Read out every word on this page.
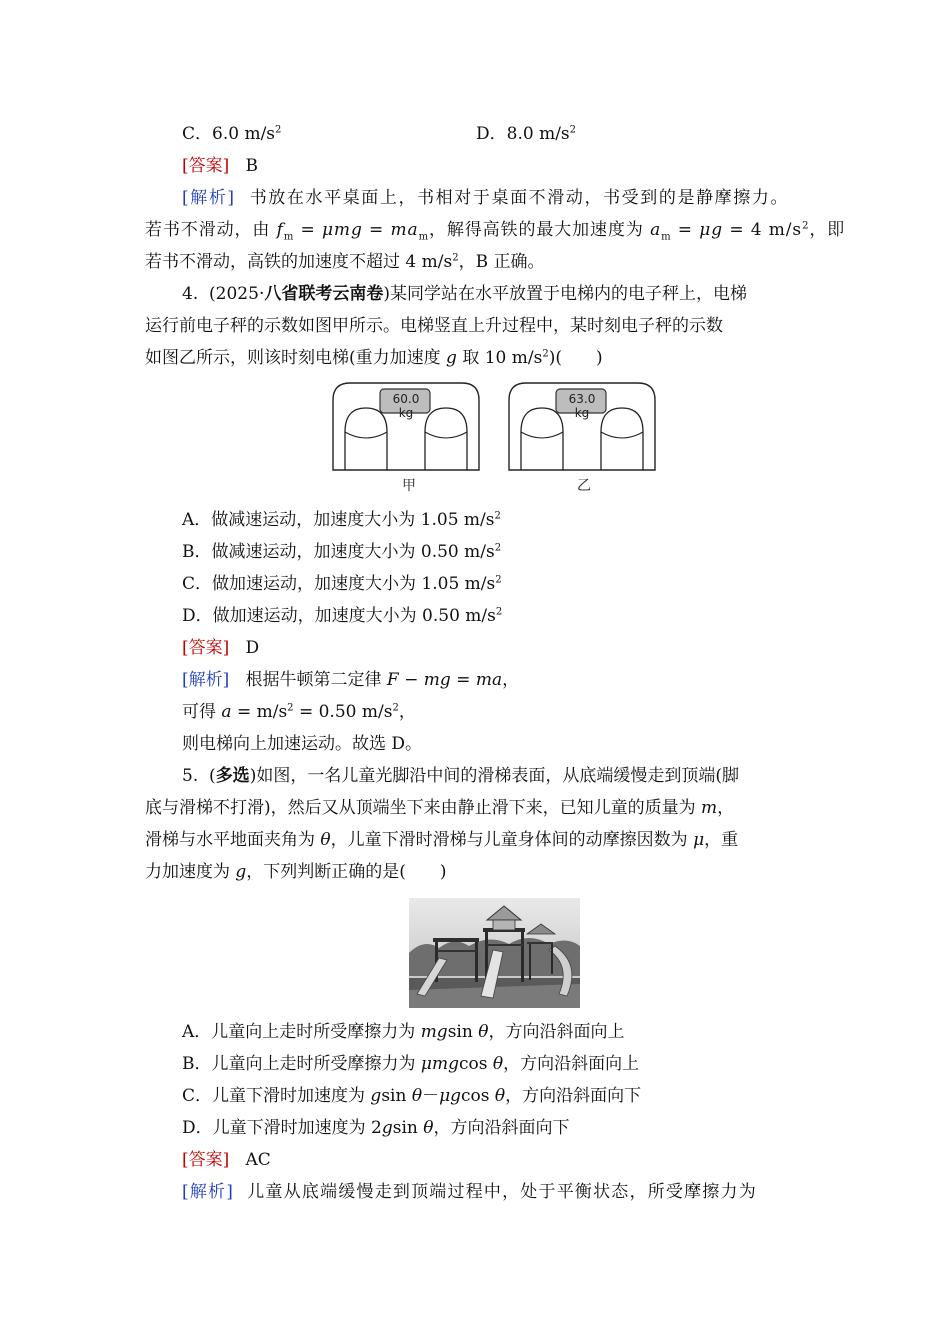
C．6.0 $m/s^2$	D．8.0 $m/s^2$
[答案] B
[解析] 书放在水平桌面上，书相对于桌面不滑动，书受到的是静摩擦力。
若书不滑动，由 $f_m = \mu mg = ma_m$，解得高铁的最大加速度为 $a_m = \mu g = 4$ $m/s^2$，即
若书不滑动，高铁的加速度不超过 4 $m/s^2$，B 正确。
4. (2025·八省联考云南卷)某同学站在水平放置于电梯内的电子秤上，电梯
运行前电子秤的示数如图甲所示。电梯竖直上升过程中，某时刻电子秤的示数
如图乙所示，则该时刻电梯(重力加速度 g 取 10 $m/s^2$)(　　)
60.0 kg
63.0 kg
甲	乙
A．做减速运动，加速度大小为 1.05 $m/s^2$
B．做减速运动，加速度大小为 0.50 $m/s^2$
C．做加速运动，加速度大小为 1.05 $m/s^2$
D．做加速运动，加速度大小为 0.50 $m/s^2$
[答案] D
[解析] 根据牛顿第二定律 F − mg = ma，
可得 $a = m/s^2 = 0.50$ $m/s^2$，
则电梯向上加速运动。故选 D。
5. (多选)如图，一名儿童光脚沿中间的滑梯表面，从底端缓慢走到顶端(脚
底与滑梯不打滑)，然后又从顶端坐下来由静止滑下来，已知儿童的质量为 m，
滑梯与水平地面夹角为 θ，儿童下滑时滑梯与儿童身体间的动摩擦因数为 μ，重
力加速度为 g，下列判断正确的是(　　)
A．儿童向上走时所受摩擦力为 mgsin θ，方向沿斜面向上
B．儿童向上走时所受摩擦力为 μmgcos θ，方向沿斜面向上
C．儿童下滑时加速度为 gsin θ－μgcos θ，方向沿斜面向下
D．儿童下滑时加速度为 2gsin θ，方向沿斜面向下
[答案] AC
[解析] 儿童从底端缓慢走到顶端过程中，处于平衡状态，所受摩擦力为
